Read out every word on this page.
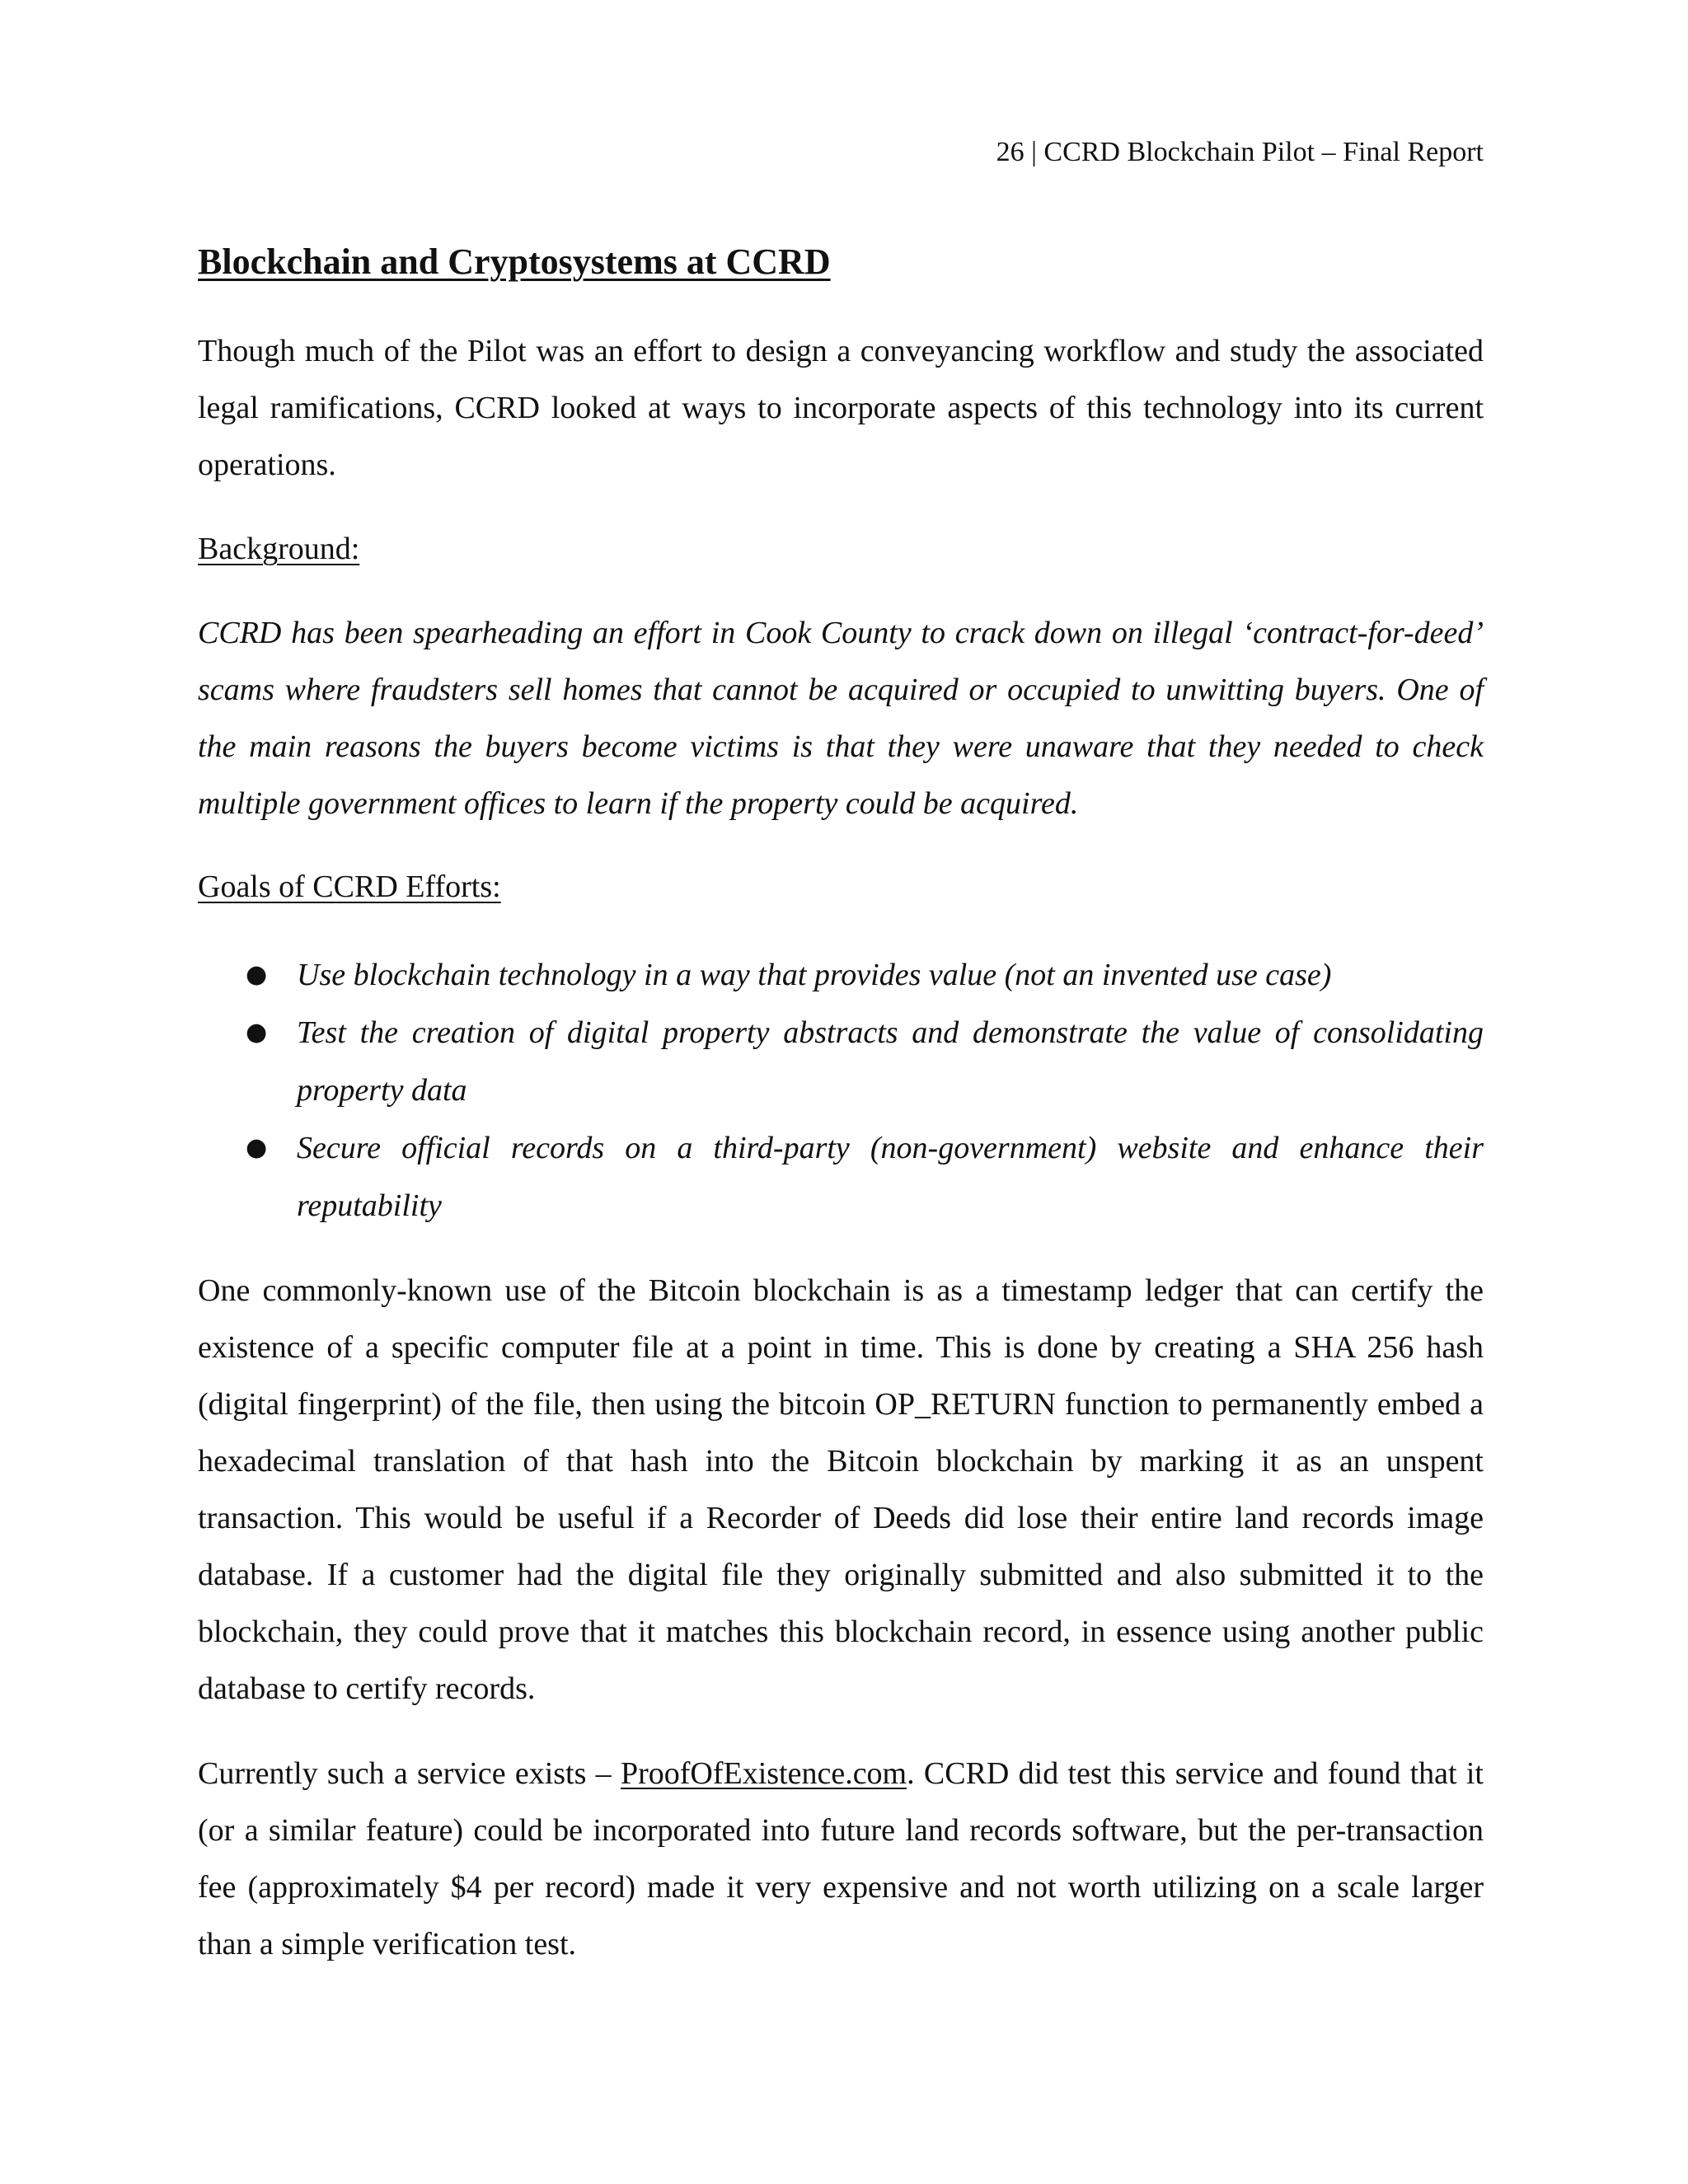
26 | CCRD Blockchain Pilot – Final Report
Blockchain and Cryptosystems at CCRD

Though much of the Pilot was an effort to design a conveyancing workflow and study the associated legal ramifications, CCRD looked at ways to incorporate aspects of this technology into its current operations.

Background:

CCRD has been spearheading an effort in Cook County to crack down on illegal ‘contract-for-deed’ scams where fraudsters sell homes that cannot be acquired or occupied to unwitting buyers. One of the main reasons the buyers become victims is that they were unaware that they needed to check multiple government offices to learn if the property could be acquired.

Goals of CCRD Efforts:
● Use blockchain technology in a way that provides value (not an invented use case)
● Test the creation of digital property abstracts and demonstrate the value of consolidating property data
● Secure official records on a third-party (non-government) website and enhance their reputability

One commonly-known use of the Bitcoin blockchain is as a timestamp ledger that can certify the existence of a specific computer file at a point in time. This is done by creating a SHA 256 hash (digital fingerprint) of the file, then using the bitcoin OP_RETURN function to permanently embed a hexadecimal translation of that hash into the Bitcoin blockchain by marking it as an unspent transaction. This would be useful if a Recorder of Deeds did lose their entire land records image database. If a customer had the digital file they originally submitted and also submitted it to the blockchain, they could prove that it matches this blockchain record, in essence using another public database to certify records.

Currently such a service exists – ProofOfExistence.com. CCRD did test this service and found that it (or a similar feature) could be incorporated into future land records software, but the per-transaction fee (approximately $4 per record) made it very expensive and not worth utilizing on a scale larger than a simple verification test.
